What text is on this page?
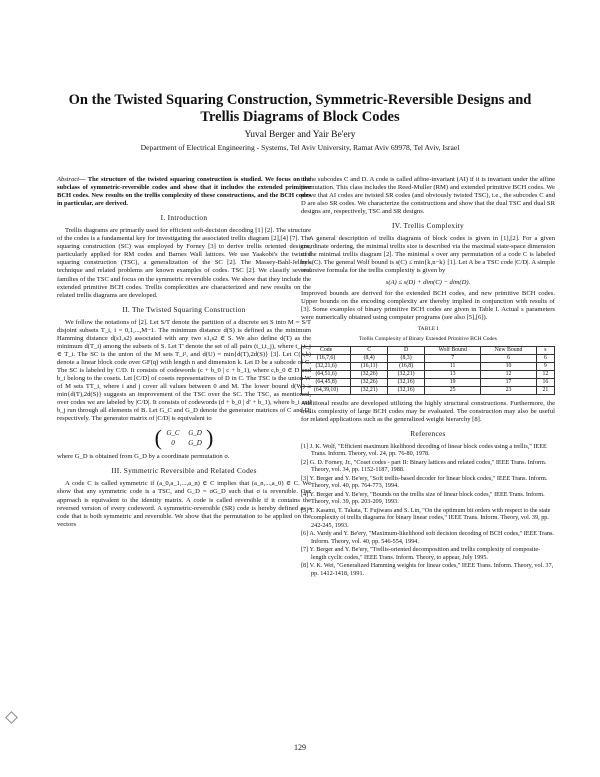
On the Twisted Squaring Construction, Symmetric-Reversible Designs and Trellis Diagrams of Block Codes
Yuval Berger and Yair Be'ery
Department of Electrical Engineering - Systems, Tel Aviv University, Ramat Aviv 69978, Tel Aviv, Israel

Abstract— The structure of the twisted squaring construction is studied. We focus on the subclass of symmetric-reversible codes and show that it includes the extended primitive BCH codes. New results on the trellis complexity of these constructions, and the BCH codes in particular, are derived.

I. Introduction

Trellis diagrams are primarily used for efficient soft-decision decoding [1] [2]. The structure of the codes is a fundamental key for investigating the associated trellis diagram [2],[4] [7]. The squaring construction (SC) was employed by Forney [3] to derive trellis oriented designs, particularly applied for RM codes and Barnes Wall lattices. We use Yaakobi's the twisted squaring construction (TSC), a generalization of the SC [2]. The Massey-Bahl-Jelinek technique and related problems are known examples of codes. TSC [2]. We classify several families of the TSC and focus on the symmetric reversible codes. We show that they include the extended primitive BCH codes. Trellis complexities are characterized and new results on the related trellis diagrams are developed.

II. The Twisted Squaring Construction

We follow the notations of [2]. Let S/T denote the partition of a discrete set S into M = S/T disjoint subsets T_i, i = 0,1,...,M−1. The minimum distance d(S) is defined as the minimum Hamming distance d(s1,s2) associated with any two s1,s2 ∈ S. We also define d(T) as the minimum d(T_i) among the subsets of S. Let T' denote the set of all pairs (t_i,t_j), where t_i,t_j ∈ T_i. The SC is the union of the M sets T_i², and d(U) = min{d(T),2d(S)} [3]. Let C(n,k) denote a linear block code over GF(q) with length n and dimension k. Let D be a subcode of C. The SC is labeled by C/D. It consists of codewords (c + b_0 | c + b_1), where c,b_0 ∈ D and b_i belong to the cosets. Let [C/D] of cosets representatives of D in C. The TSC is the union W of M sets TT_i, where i and j cover all values between 0 and M. The lower bound d(W) ≥ min{d(T),2d(S)} suggests an improvement of the TSC over the SC. The TSC, as mentioned, over codes we are labeled by |C/D|. It consists of codewords (d + b_0 | d' + b_1), where b_i and b_j run through all elements of B. Let G_C and G_D denote the generator matrices of C and D, respectively. The generator matrix of |C/D| is equivalent to

( G_C	G_D
0	G_D )

where G_D is obtained from G_D by a coordinate permutation σ.

III. Symmetric Reversible and Related Codes

A code C is called symmetric if (a_0,a_1,...,a_n) ∈ C implies that (a_n,...,a_0) ∈ C. We show that any symmetric code is a TSC, and G_D = σG_D such that σ is reversible. Our approach is equivalent to the identity matrix. A code is called reversible if it contains the reversed version of every codeword. A symmetric-reversible (SR) code is hereby defined as a code that is both symmetric and reversible. We show that the permutation to be applied on the vectors

to the subcodes C and D. A code is called affine-invariant (AI) if it is invariant under the affine permutation. This class includes the Reed-Muller (RM) and extended primitive BCH codes. We prove that AI codes are twisted SR codes (and obviously twisted TSC), i.e., the subcodes C and D are also SR codes. We characterize the constructions and show that the dual TSC and dual SR designs are, respectively, TSC and SR designs.

IV. Trellis Complexity

A general description of trellis diagrams of block codes is given in [1],[2]. For a given coordinate ordering, the minimal trellis size is described via the maximal state-space dimension of the minimal trellis diagram [2]. The minimal s over any permutation of a code C is labeled by s(C). The general Wolf bound is s(C) ≤ min{k,n−k} [1]. Let A be a TSC code |C/D|. A simple recursive formula for the trellis complexity is given by

s(A) ≤ s(D) + dim(C) − dim(D).

Improved bounds are derived for the extended BCH codes, and new primitive BCH codes. Upper bounds on the encoding complexity are thereby implied in conjunction with results of [3]. Some examples of binary primitive BCH codes are given in Table I. Actual s parameters were numerically obtained using computer programs (see also [5],[6]).

TABLE I
Trellis Complexity of Binary Extended Primitive BCH Codes
Code	C	D	Wolf Bound	New Bound	s
(16,7,6)	(8,4)	(8,3)	7	6	6
(32,21,6)	(16,11)	(16,8)	11	10	9
(64,51,6)	(32,26)	(32,21)	13	12	12
(64,45,8)	(32,26)	(32,16)	19	17	16
(64,39,10)	(32,21)	(32,16)	25	23	21

Additional results are developed utilizing the highly structural constructions. Furthermore, the trellis complexity of large BCH codes may be evaluated. The construction may also be useful for related applications such as the generalized weight hierarchy [8].

References

[1] J. K. Wolf, "Efficient maximum likelihood decoding of linear block codes using a trellis," IEEE Trans. Inform. Theory, vol. 24, pp. 76-80, 1978.

[2] G. D. Forney, Jr., "Coset codes - part II: Binary lattices and related codes," IEEE Trans. Inform. Theory, vol. 34, pp. 1152-1187, 1988.

[3] Y. Berger and Y. Be'ery, "Soft trellis-based decoder for linear block codes," IEEE Trans. Inform. Theory, vol. 40, pp. 764-773, 1994.

[4] Y. Berger and Y. Be'ery, "Bounds on the trellis size of linear block codes," IEEE Trans. Inform. Theory, vol. 39, pp. 203-209, 1993.

[5] T. Kasami, T. Takata, T. Fujiwara and S. Lin, "On the optimum bit orders with respect to the state complexity of trellis diagrams for binary linear codes," IEEE Trans. Inform. Theory, vol. 39, pp. 242-245, 1993.

[6] A. Vardy and Y. Be'ery, "Maximum-likelihood soft decision decoding of BCH codes," IEEE Trans. Inform. Theory, vol. 40, pp. 546-554, 1994.

[7] Y. Berger and Y. Be'ery, "Trellis-oriented decomposition and trellis complexity of composite-length cyclic codes," IEEE Trans. Inform. Theory, to appear, July 1995.

[8] V. K. Wei, "Generalized Hamming weights for linear codes," IEEE Trans. Inform. Theory, vol. 37, pp. 1412-1418, 1991.

129
